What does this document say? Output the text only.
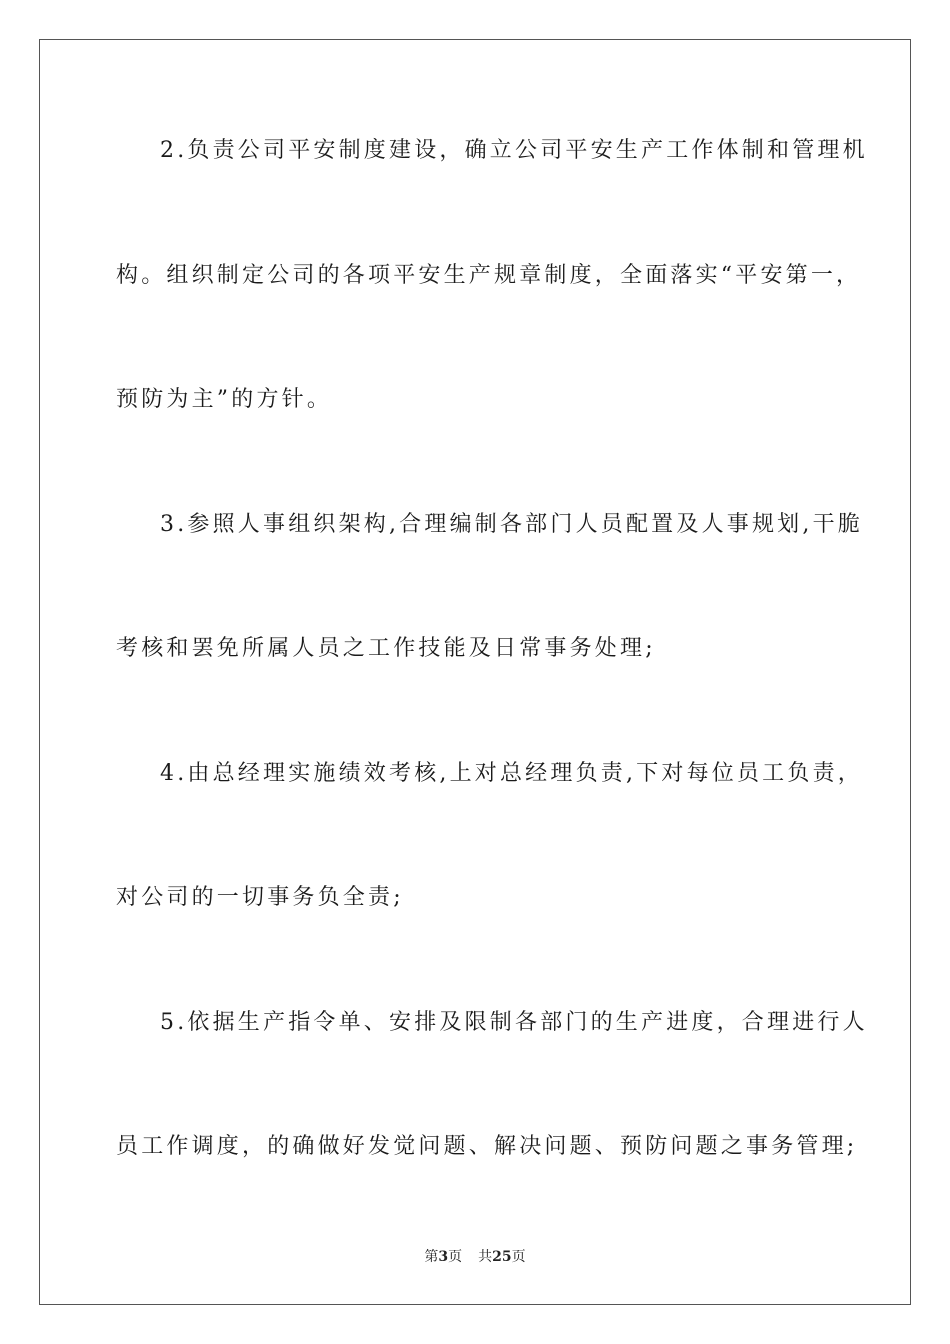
2.负责公司平安制度建设，确立公司平安生产工作体制和管理机
构。组织制定公司的各项平安生产规章制度，全面落实“平安第一，
预防为主”的方针。
3.参照人事组织架构,合理编制各部门人员配置及人事规划,干脆
考核和罢免所属人员之工作技能及日常事务处理;
4.由总经理实施绩效考核,上对总经理负责,下对每位员工负责，
对公司的一切事务负全责;
5.依据生产指令单、安排及限制各部门的生产进度，合理进行人
员工作调度，的确做好发觉问题、解决问题、预防问题之事务管理;
第3页 共25页
